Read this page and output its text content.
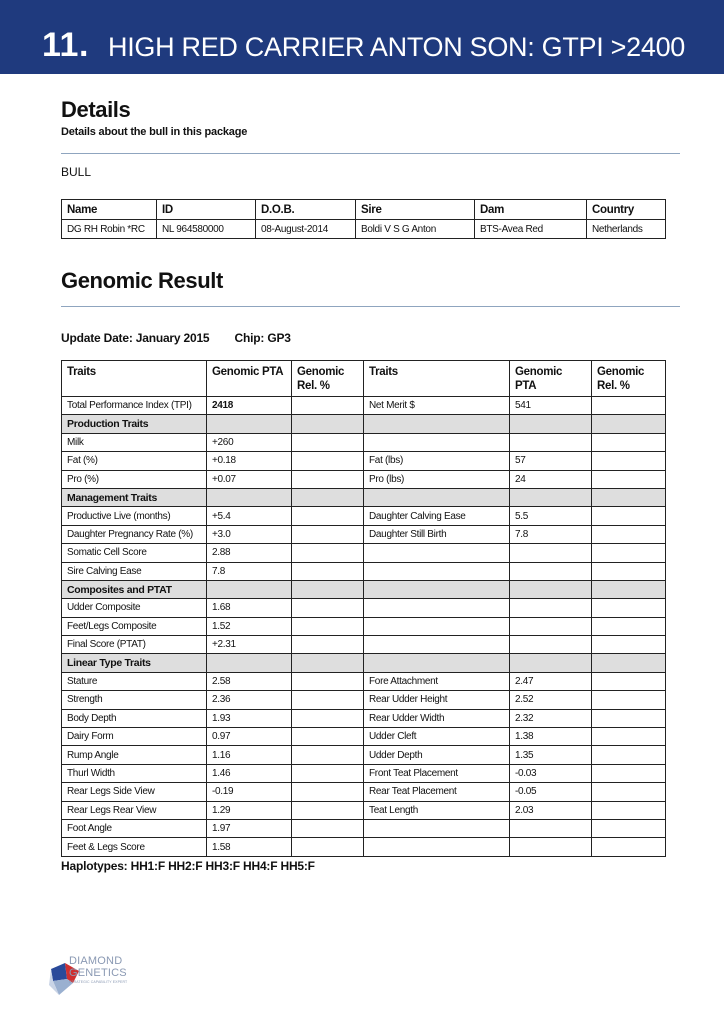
11. HIGH RED CARRIER ANTON SON: GTPI >2400
Details
Details about the bull in this package
BULL
Name	ID	D.O.B.	Sire	Dam	Country
DG RH Robin *RC	NL 964580000	08-August-2014	Boldi V S G Anton	BTS-Avea Red	Netherlands
Genomic Result
Update Date: January 2015 Chip: GP3
Traits	Genomic PTA	Genomic Rel. %	Traits	Genomic PTA	Genomic Rel. %
Total Performance Index (TPI)	2418		Net Merit $	541	
Production Traits					
Milk	+260				
Fat (%)	+0.18		Fat (lbs)	57	
Pro (%)	+0.07		Pro (lbs)	24	
Management Traits					
Productive Live (months)	+5.4		Daughter Calving Ease	5.5	
Daughter Pregnancy Rate (%)	+3.0		Daughter Still Birth	7.8	
Somatic Cell Score	2.88				
Sire Calving Ease	7.8				
Composites and PTAT					
Udder Composite	1.68				
Feet/Legs Composite	1.52				
Final Score (PTAT)	+2.31				
Linear Type Traits					
Stature	2.58		Fore Attachment	2.47	
Strength	2.36		Rear Udder Height	2.52	
Body Depth	1.93		Rear Udder Width	2.32	
Dairy Form	0.97		Udder Cleft	1.38	
Rump Angle	1.16		Udder Depth	1.35	
Thurl Width	1.46		Front Teat Placement	-0.03	
Rear Legs Side View	-0.19		Rear Teat Placement	-0.05	
Rear Legs Rear View	1.29		Teat Length	2.03	
Foot Angle	1.97				
Feet & Legs Score	1.58				
Haplotypes: HH1:F HH2:F HH3:F HH4:F HH5:F
DIAMOND
GENETICS
STRATEGIC CAPABILITY EXPERT
